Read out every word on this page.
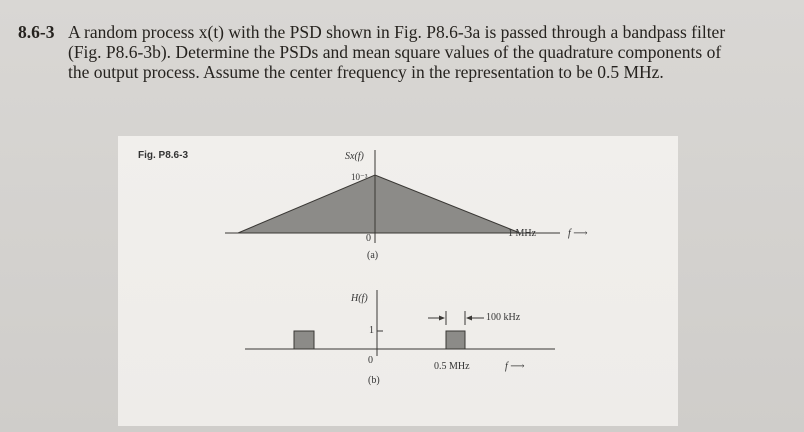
8.6-3 A random process x(t) with the PSD shown in Fig. P8.6-3a is passed through a bandpass filter (Fig. P8.6-3b). Determine the PSDs and mean square values of the quadrature components of the output process. Assume the center frequency in the representation to be 0.5 MHz.
Fig. P8.6-3	Sx(f)
10⁻³
0	1 MHz	f ⟶
(a)
H(f)
1
0
100 kHz
0.5 MHz	f ⟶
(b)
